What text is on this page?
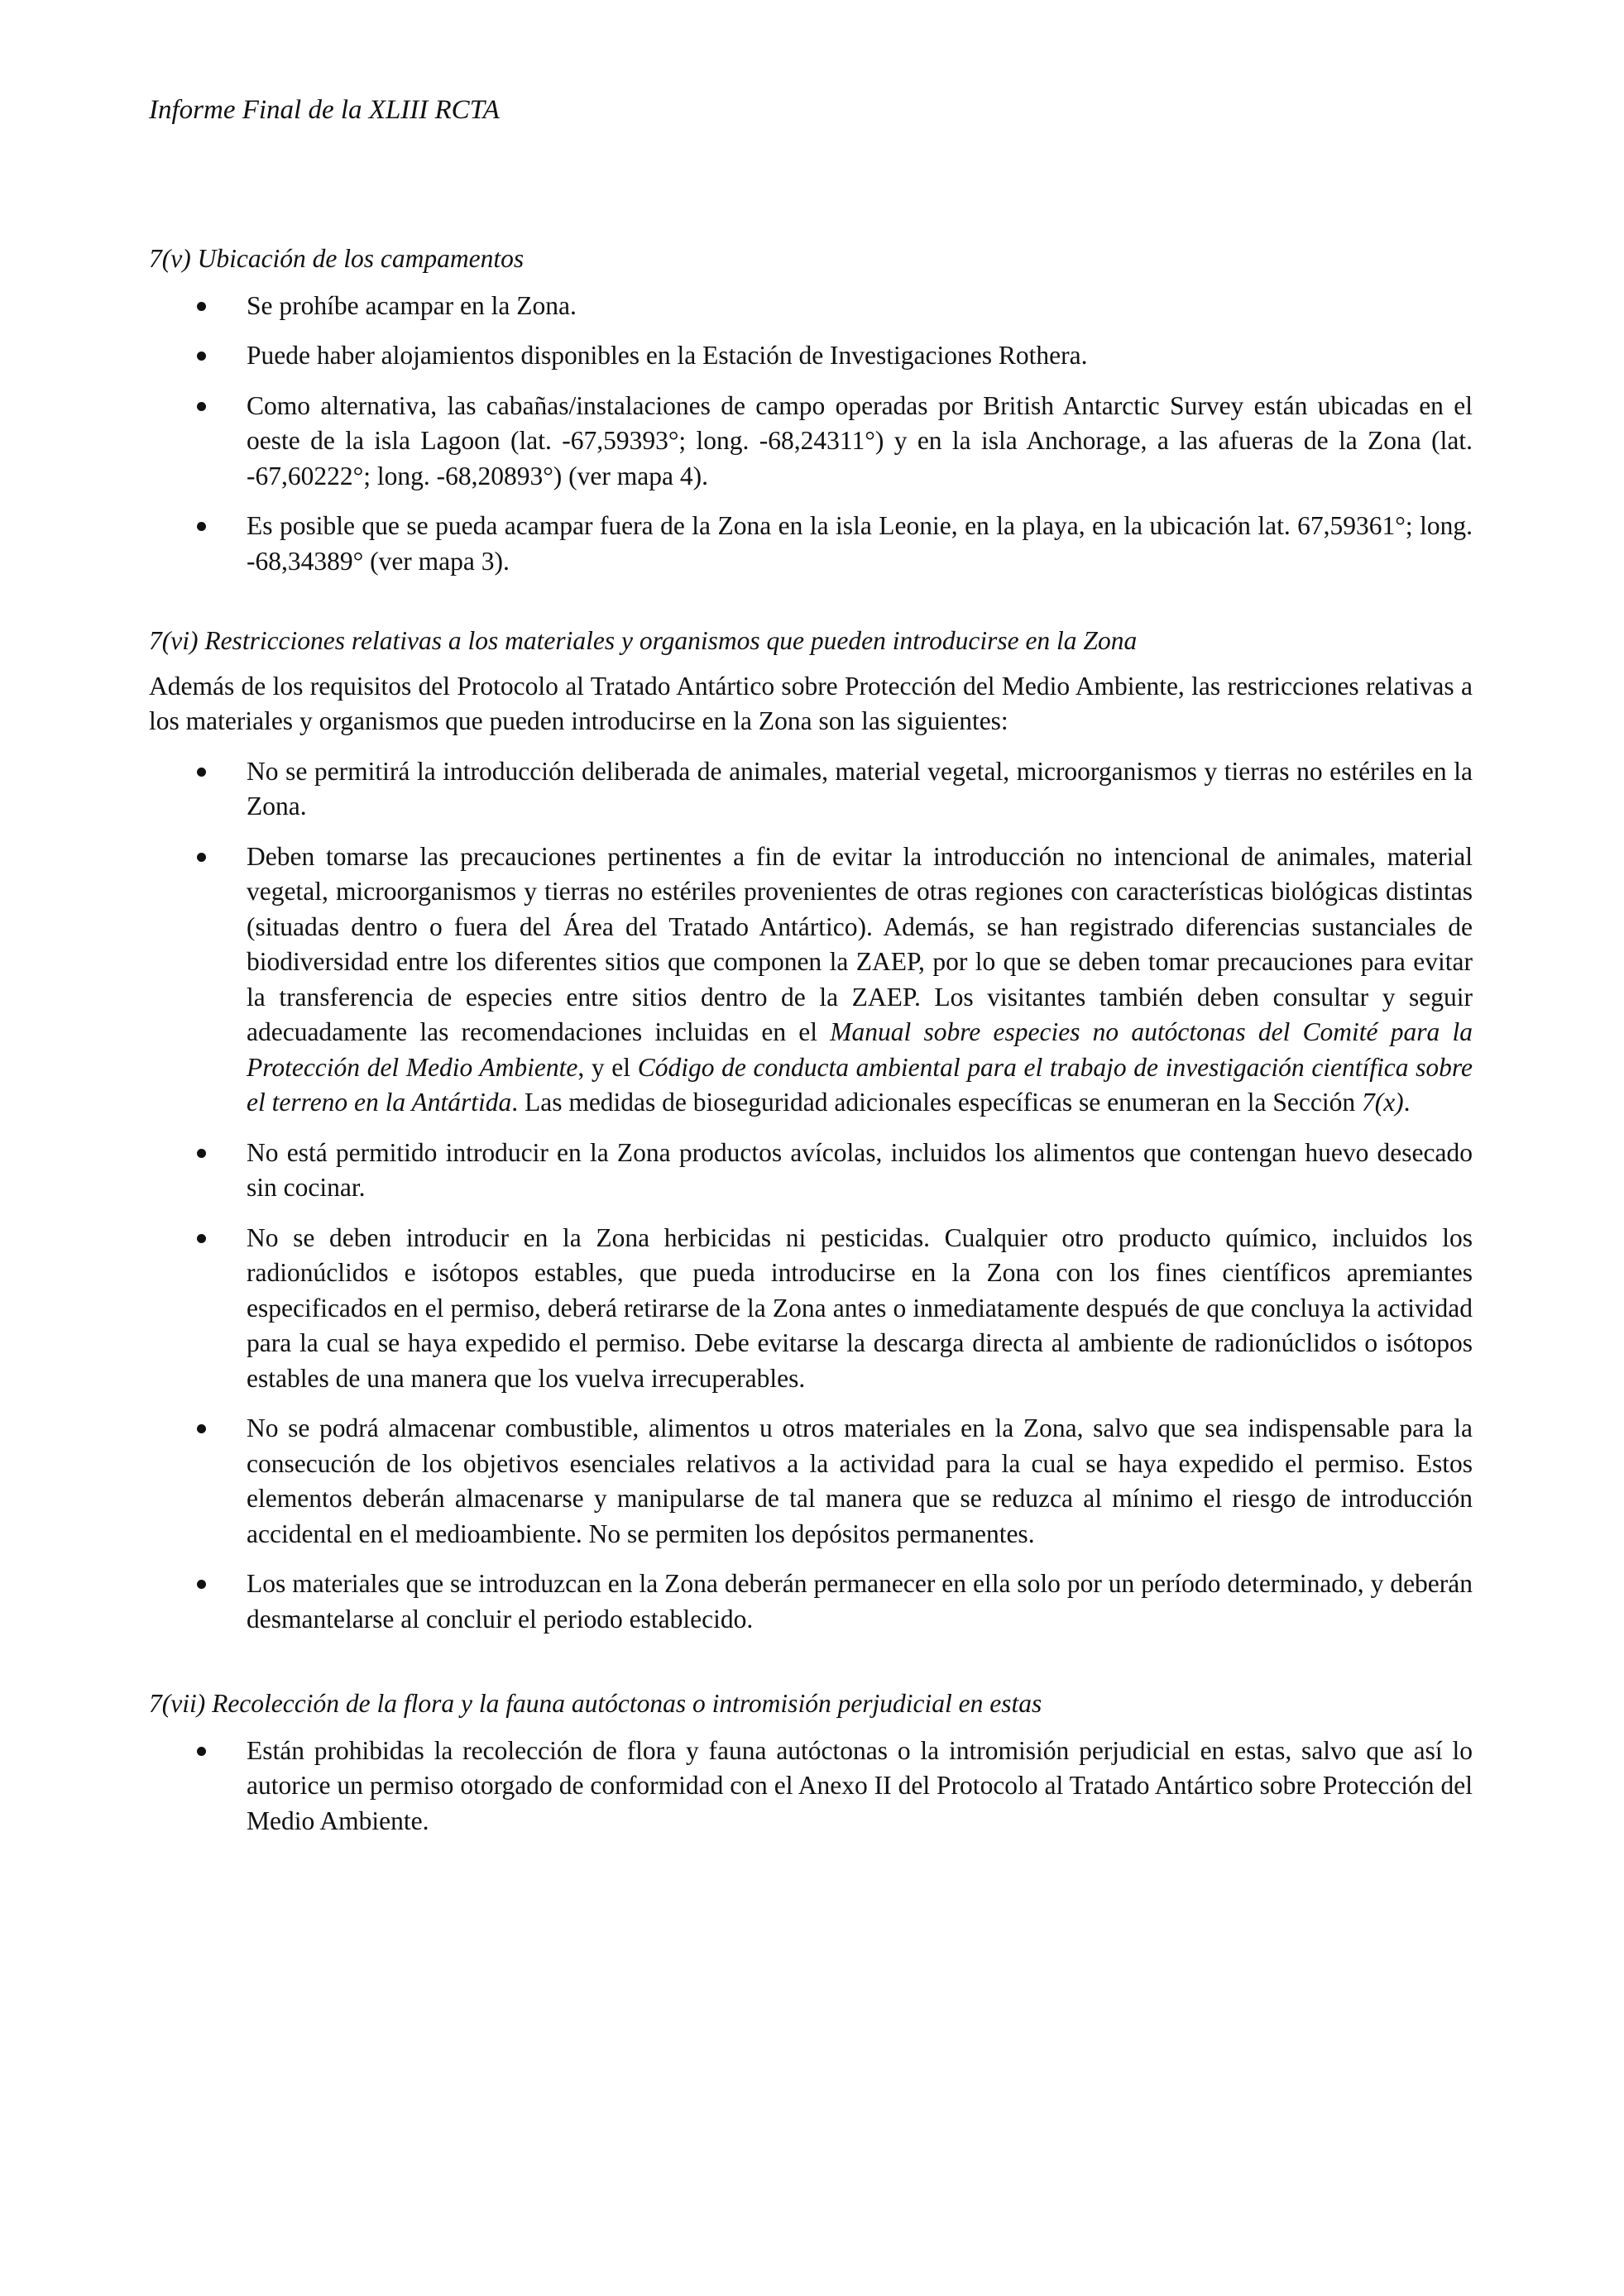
Informe Final de la XLIII RCTA

7(v) Ubicación de los campamentos
Se prohíbe acampar en la Zona.
Puede haber alojamientos disponibles en la Estación de Investigaciones Rothera.
Como alternativa, las cabañas/instalaciones de campo operadas por British Antarctic Survey están ubicadas en el oeste de la isla Lagoon (lat. -67,59393°; long. -68,24311°) y en la isla Anchorage, a las afueras de la Zona (lat. -67,60222°; long. -68,20893°) (ver mapa 4).
Es posible que se pueda acampar fuera de la Zona en la isla Leonie, en la playa, en la ubicación lat. 67,59361°; long. -68,34389° (ver mapa 3).
7(vi) Restricciones relativas a los materiales y organismos que pueden introducirse en la Zona

Además de los requisitos del Protocolo al Tratado Antártico sobre Protección del Medio Ambiente, las restricciones relativas a los materiales y organismos que pueden introducirse en la Zona son las siguientes:

No se permitirá la introducción deliberada de animales, material vegetal, microorganismos y tierras no estériles en la Zona.
Deben tomarse las precauciones pertinentes a fin de evitar la introducción no intencional de animales, material vegetal, microorganismos y tierras no estériles provenientes de otras regiones con características biológicas distintas (situadas dentro o fuera del Área del Tratado Antártico). Además, se han registrado diferencias sustanciales de biodiversidad entre los diferentes sitios que componen la ZAEP, por lo que se deben tomar precauciones para evitar la transferencia de especies entre sitios dentro de la ZAEP. Los visitantes también deben consultar y seguir adecuadamente las recomendaciones incluidas en el Manual sobre especies no autóctonas del Comité para la Protección del Medio Ambiente, y el Código de conducta ambiental para el trabajo de investigación científica sobre el terreno en la Antártida. Las medidas de bioseguridad adicionales específicas se enumeran en la Sección 7(x).
No está permitido introducir en la Zona productos avícolas, incluidos los alimentos que contengan huevo desecado sin cocinar.
No se deben introducir en la Zona herbicidas ni pesticidas. Cualquier otro producto químico, incluidos los radionúclidos e isótopos estables, que pueda introducirse en la Zona con los fines científicos apremiantes especificados en el permiso, deberá retirarse de la Zona antes o inmediatamente después de que concluya la actividad para la cual se haya expedido el permiso. Debe evitarse la descarga directa al ambiente de radionúclidos o isótopos estables de una manera que los vuelva irrecuperables.
No se podrá almacenar combustible, alimentos u otros materiales en la Zona, salvo que sea indispensable para la consecución de los objetivos esenciales relativos a la actividad para la cual se haya expedido el permiso. Estos elementos deberán almacenarse y manipularse de tal manera que se reduzca al mínimo el riesgo de introducción accidental en el medioambiente. No se permiten los depósitos permanentes.
Los materiales que se introduzcan en la Zona deberán permanecer en ella solo por un período determinado, y deberán desmantelarse al concluir el periodo establecido.
7(vii) Recolección de la flora y la fauna autóctonas o intromisión perjudicial en estas
Están prohibidas la recolección de flora y fauna autóctonas o la intromisión perjudicial en estas, salvo que así lo autorice un permiso otorgado de conformidad con el Anexo II del Protocolo al Tratado Antártico sobre Protección del Medio Ambiente.
